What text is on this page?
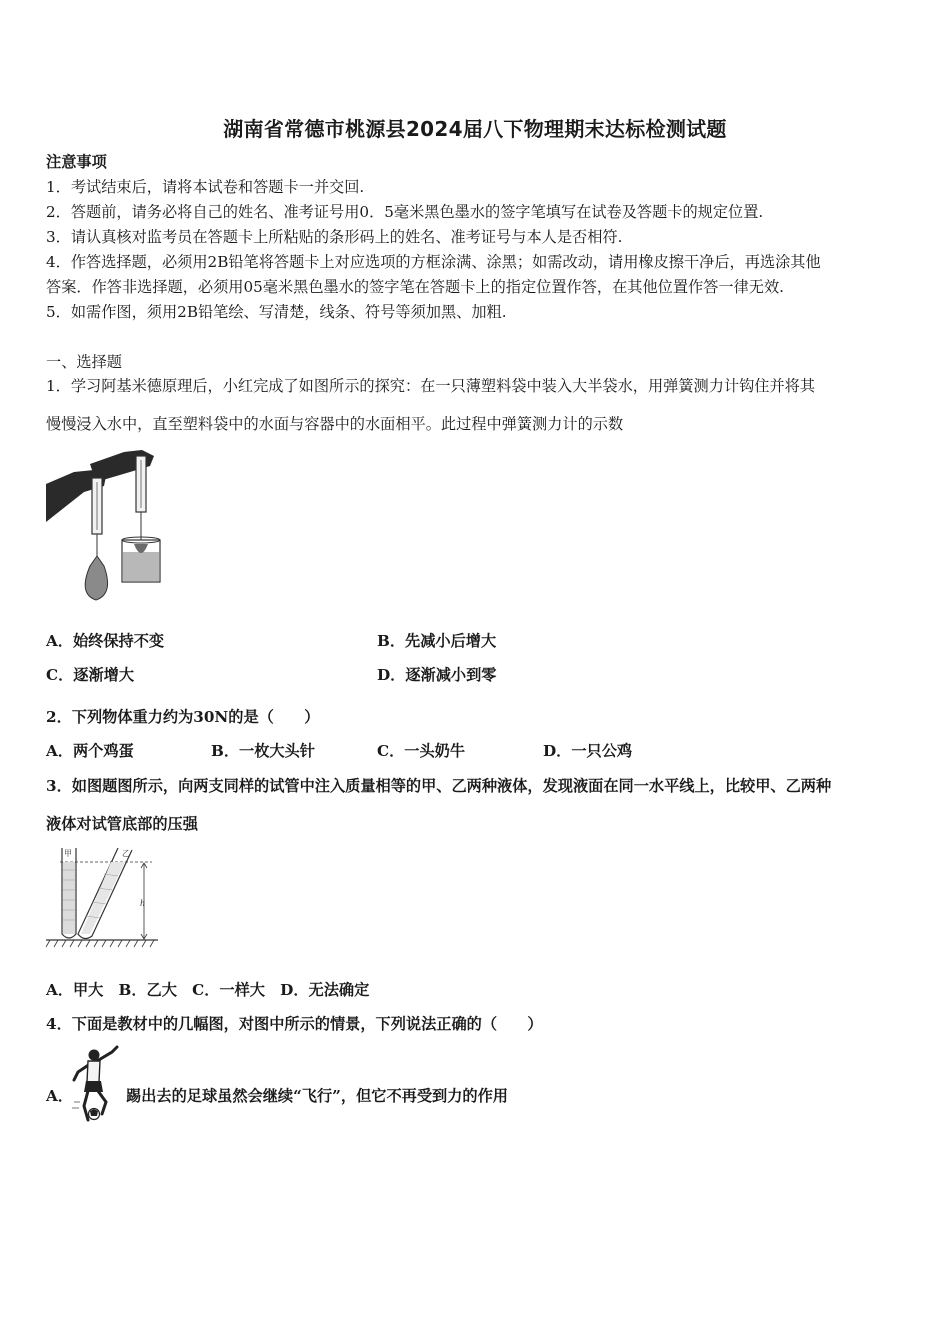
湖南省常德市桃源县2024届八下物理期末达标检测试题
注意事项
1．考试结束后，请将本试卷和答题卡一并交回.
2．答题前，请务必将自己的姓名、准考证号用0．5毫米黑色墨水的签字笔填写在试卷及答题卡的规定位置.
3．请认真核对监考员在答题卡上所粘贴的条形码上的姓名、准考证号与本人是否相符.
4．作答选择题，必须用2B铅笔将答题卡上对应选项的方框涂满、涂黑；如需改动，请用橡皮擦干净后，再选涂其他
答案．作答非选择题，必须用05毫米黑色墨水的签字笔在答题卡上的指定位置作答，在其他位置作答一律无效.
5．如需作图，须用2B铅笔绘、写清楚，线条、符号等须加黑、加粗.
一、选择题
1．学习阿基米德原理后，小红完成了如图所示的探究：在一只薄塑料袋中装入大半袋水，用弹簧测力计钩住并将其
慢慢浸入水中，直至塑料袋中的水面与容器中的水面相平。此过程中弹簧测力计的示数
A．始终保持不变	B．先减小后增大
C．逐渐增大	D．逐渐减小到零
2．下列物体重力约为30N的是（　　）
A．两个鸡蛋	B．一枚大头针	C．一头奶牛	D．一只公鸡
3．如图题图所示，向两支同样的试管中注入质量相等的甲、乙两种液体，发现液面在同一水平线上，比较甲、乙两种
液体对试管底部的压强
h
甲	乙
A．甲大　B．乙大　C．一样大　D．无法确定
4．下面是教材中的几幅图，对图中所示的情景，下列说法正确的（　　）
A．	踢出去的足球虽然会继续“飞行”，但它不再受到力的作用
